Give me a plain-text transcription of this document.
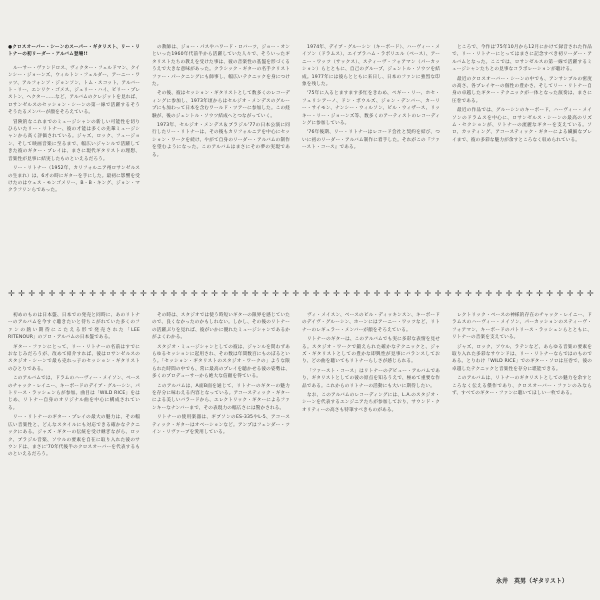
●クロスオーバー・シーンのスーパー・ギタリスト、リー・リトナーの初リーダー・アルバム登場!!

ルーサー・ヴァンドロス、ヴィクター・フェルドマン、クインシー・ジョーンズ、ウィルトン・フェルダー、アーニー・ワッツ、アルフォンソ・ジョンソン、トム・スコット、アルバート・リー、エンリケ・ゴメス、ジェリー・ハイ、ビリー・プレストン、ヘクター……など、アルバムのクレジットを見れば、ロサンゼルスのセッション・シーンの第一線で活躍するそうそうたるメンバーが顔をそろえている。

冒険的なこれまでのミュージシャンの新しい可能性を切りひらいたリー・リトナー、彼の才能は多くの先輩ミュージシャンから高く評価されている。ジャズ、ロック、フュージョン、そして映画音楽に至るまで、幅広いジャンルで活躍してきた彼のギター・プレイは、まさに現代ギタリストの理想、音楽性が見事に結実したものといえるだろう。

リー・リトナー（1952年、カリフォルニア州ロサンゼルスの生まれ）は、6才の時にギターを手にした。最初に影響を受けたのはウェス・モンゴメリー、B・B・キング、ジョン・マクラフリンらであった。

の教師は、ジョー・パスやハワード・ロバーツ、ジョー・オンといった1960年代前半から活躍していた人々で、そういったギタリストたちの教えを受けた事は、彼の音楽性の基盤を形づくるうえで大きな意味があった。クラシック・ギターの名手クリストファー・パークニングにも師事し、幅広いテクニックを身につけた。

その後、彼はセッション・ギタリストとして数多くのレコーディングに参加し、1973年頃からはセルジオ・メンデスのグループにも加わって日本を含むワールド・ツアーに参加した。この経験が、後のジェントル・ソウツ結成へとつながっていく。

1973年、セルジオ・メンデス＆ブラジル'77の日本公演に同行したリー・リトナーは、その後もカリフォルニアを中心にセッション・ワークを続け、やがて自身のリーダー・アルバムの制作を望むようになった。このアルバムはまさにその夢の実現である。

1974年、デイブ・グルーシン（キーボード）、ハーヴィー・メイソン（ドラムス）、エイブラハム・ラボリエル（ベース）、アーニー・ワッツ（サックス）、スティーヴ・フォアマン（パーカッション）らとともに、自己のグループ、ジェントル・ソウツを結成。1977年には彼らとともに来日し、日本のファンに強烈な印象を残した。

'75年に入るとますます多忙をきわめ、ペギー・リー、ホセ・フェリシアーノ、ドン・ボウルズ、ジョン・デンバー、カーリー・サイモン、ナンシー・ウィルソン、ビル・ウィザース、リッキー・リー・ジョーンズ等、数多くのアーティストのレコーディングに参加している。

'76年後期、リー・リトナーはレコード会社と契約を結び、ついに初のリーダー・アルバム制作に着手した。それがこの『ファースト・コース』である。

ところで、今作は'75年10月から12月にかけて録音された作品で、リー・リトナーにとってはまさに記念すべき初リーダー・アルバムとなった。ここでは、ロサンゼルスの第一線で活躍するミュージシャンたちとの見事なコラボレーションが聴ける。

最近のクロスオーバー・シーンの中でも、アンサンブルの密度の高さ、各プレイヤーの個性の豊かさ、そしてリー・リトナー自身の卓越したギター・テクニックが一体となった演奏は、まさに圧巻である。

最近の作品では、グルーシンのキーボード、ハーヴィー・メイソンのドラムスを中心に、ロサンゼルス・シーンの最高のリズム・セクションが、リトナーの流麗なギターを支えている。ソロ、カッティング、アコースティック・ギターによる繊細なプレイまで、彼の多彩な魅力が余すところなく収められている。

✛ ✛ ✛ ✛ ✛ ✛ ✛ ✛ ✛ ✛ ✛ ✛ ✛ ✛ ✛ ✛ ✛ ✛ ✛ ✛ ✛ ✛ ✛ ✛ ✛ ✛ ✛ ✛ ✛ ✛ ✛ ✛ ✛ ✛ ✛ ✛ ✛ ✛ ✛ ✛ ✛ ✛ ✛ ✛ ✛ ✛ ✛ ✛ ✛ ✛ ✛ ✛ ✛ ✛ ✛ ✛ ✛ ✛

初めのものは日本盤、日本での発売と同時に、あのリトナーのアルバムを今すぐ聴きたいと待ちこがれていた多くのファンの熱い期待にこたえる形で発売された「LEE RITENOUR」のソロ・アルバムの日本盤である。

ギター・ファンにとって、リー・リトナーの名前はすでにおなじみだろうが、改めて紹介すれば、彼はロサンゼルスのスタジオ・シーンで最も売れっ子のセッション・ギタリストのひとりである。

このアルバムでは、ドラムのハーヴィー・メイソン、ベースのチャック・レイニー、キーボードのデイブ・グルーシン、パトリース・ラッシェンらが参加。曲目は「WILD RICE」をはじめ、リトナー自身のオリジナル曲を中心に構成されている。

リー・リトナーのギター・プレイの最大の魅力は、その幅広い音楽性と、どんなスタイルにも対応できる確かなテクニックにある。ジャズ・ギターの伝統を受け継ぎながら、ロック、ブラジル音楽、ソウルの要素を自在に取り入れた彼のサウンドは、まさに'70年代後半のクロスオーバーを代表するものといえるだろう。

その時は、スタジオでは使う時短いギターの限界を感じていたので、良くなかったのかもしれない。しかし、その後のリトナーの活躍ぶりを見れば、彼がいかに優れたミュージシャンであるかがよくわかる。

スタジオ・ミュージシャンとしての彼は、ジャンルを問わずあらゆるセッションに起用され、その数は年間数百にものぼるという。「セッション・ギタリストのスタジオ・ワークの」ような限られた時間の中でも、常に最高のプレイを聴かせる彼の姿勢は、多くのプロデューサーから絶大な信頼を得ている。

このアルバムは、A面B面を通じて、リトナーのギターの魅力を存分に味わえる内容となっている。アコースティック・ギターによる美しいバラードから、エレクトリック・ギターによるファンキーなナンバーまで、その表現力の幅広さには驚かされる。

リトナーの使用楽器は、ギブソンのES-335やL-5、アコースティック・ギターはオベーションなど。アンプはフェンダー・ツイン・リヴァーブを愛用している。

ヴィ・メイスン、ベースのビル・ディッキンスン、キーボードのデイヴ・グルーシン、ホーンにはアーニー・ワッツなど、リトナーのレギュラー・メンバーが顔をそろえている。

リトナーのギターは、このアルバムでも実に多彩な表情を見せる。スタジオ・ワークで鍛えられた確かなテクニックと、ジャズ・ギタリストとしての豊かな即興性が見事にバランスしており、どの曲を聴いてもリトナーらしさが感じられる。

「ファースト・コース」はリトナーのデビュー・アルバムであり、ギタリストとしての彼の原点を知るうえで、極めて重要な作品である。これからのリトナーの活動にも大いに期待したい。

なお、このアルバムのレコーディングには、L.A.のスタジオ・シーンを代表するエンジニアたちが参加しており、サウンド・クオリティーの高さも特筆すべきものがある。

レクトリック・ベースの神様的存在のチャック・レイニー、ドラムスのハーヴィー・メイソン、パーカッションのスティーヴ・フォアマン、キーボードのパトリース・ラッシェンらとともに、リトナーの音楽を支えている。

ジャズ、ロック、ソウル、ラテンなど、あらゆる音楽の要素を取り入れた多彩なサウンドは、リー・リトナーならではのものである。とりわけ「WILD RICE」でのギター・ソロは圧巻で、彼の卓越したテクニックと音楽性を存分に堪能できる。

このアルバムは、リトナーのギタリストとしての魅力を余すところなく伝える傑作であり、クロスオーバー・ファンのみならず、すべてのギター・ファンに聴いてほしい一枚である。

永井　英男（ギタリスト）
